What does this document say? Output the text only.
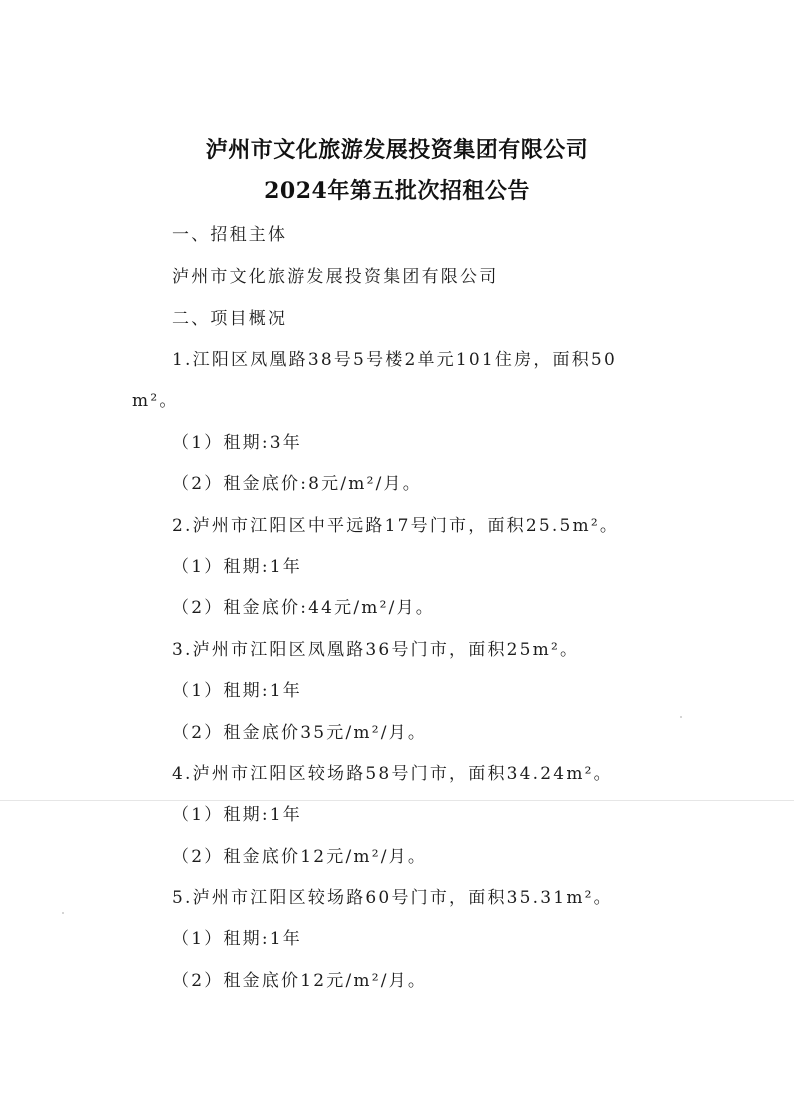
泸州市文化旅游发展投资集团有限公司
2024年第五批次招租公告
一、招租主体
泸州市文化旅游发展投资集团有限公司
二、项目概况
1.江阳区凤凰路38号5号楼2单元101住房，面积50
m²。
（1）租期:3年
（2）租金底价:8元/m²/月。
2.泸州市江阳区中平远路17号门市，面积25.5m²。
（1）租期:1年
（2）租金底价:44元/m²/月。
3.泸州市江阳区凤凰路36号门市，面积25m²。
（1）租期:1年
（2）租金底价35元/m²/月。
4.泸州市江阳区较场路58号门市，面积34.24m²。
（1）租期:1年
（2）租金底价12元/m²/月。
5.泸州市江阳区较场路60号门市，面积35.31m²。
（1）租期:1年
（2）租金底价12元/m²/月。
